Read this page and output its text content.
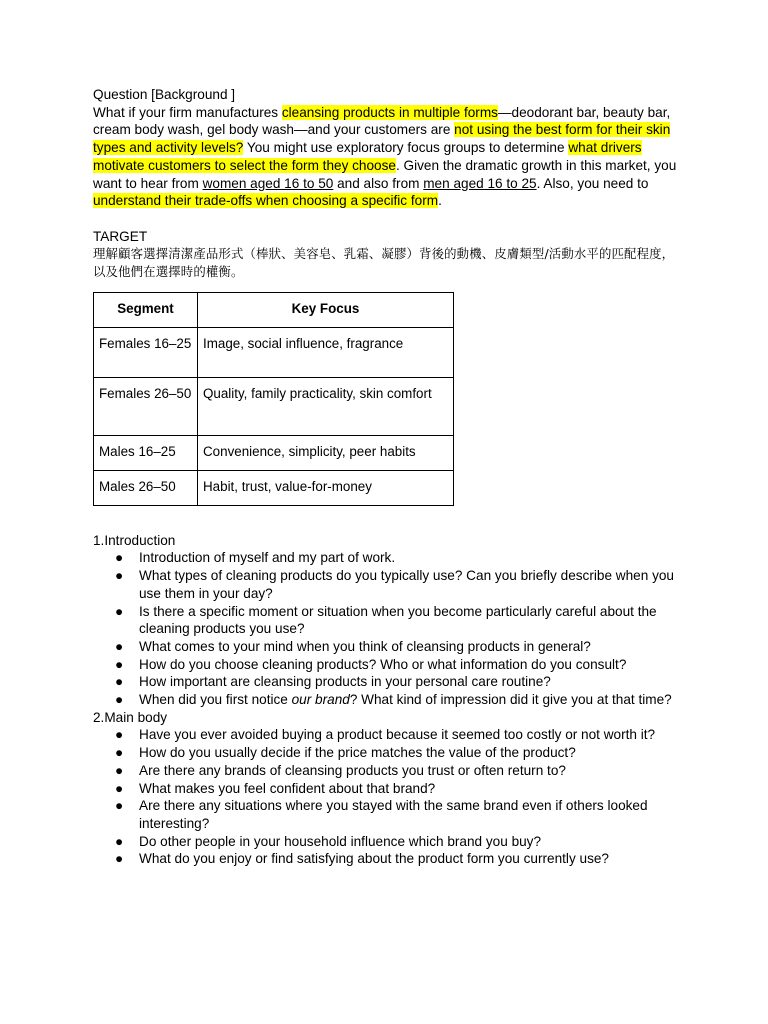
Question [Background ]

What if your firm manufactures cleansing products in multiple forms—deodorant bar, beauty bar, cream body wash, gel body wash—and your customers are not using the best form for their skin types and activity levels? You might use exploratory focus groups to determine what drivers motivate customers to select the form they choose. Given the dramatic growth in this market, you want to hear from women aged 16 to 50 and also from men aged 16 to 25. Also, you need to understand their trade-offs when choosing a specific form.

TARGET

理解顧客選擇清潔產品形式（棒狀、美容皂、乳霜、凝膠）背後的動機、皮膚類型/活動水平的匹配程度，以及他們在選擇時的權衡。

Segment	Key Focus
Females 16–25	Image, social influence, fragrance
Females 26–50	Quality, family practicality, skin comfort
Males 16–25	Convenience, simplicity, peer habits
Males 26–50	Habit, trust, value-for-money

1.Introduction

● Introduction of myself and my part of work.
● What types of cleaning products do you typically use? Can you briefly describe when you use them in your day?
● Is there a specific moment or situation when you become particularly careful about the cleaning products you use?
● What comes to your mind when you think of cleansing products in general?
● How do you choose cleaning products? Who or what information do you consult?
● How important are cleansing products in your personal care routine?
● When did you first notice our brand? What kind of impression did it give you at that time?

2.Main body

● Have you ever avoided buying a product because it seemed too costly or not worth it?
● How do you usually decide if the price matches the value of the product?
● Are there any brands of cleansing products you trust or often return to?
● What makes you feel confident about that brand?
● Are there any situations where you stayed with the same brand even if others looked interesting?
● Do other people in your household influence which brand you buy?
● What do you enjoy or find satisfying about the product form you currently use?
